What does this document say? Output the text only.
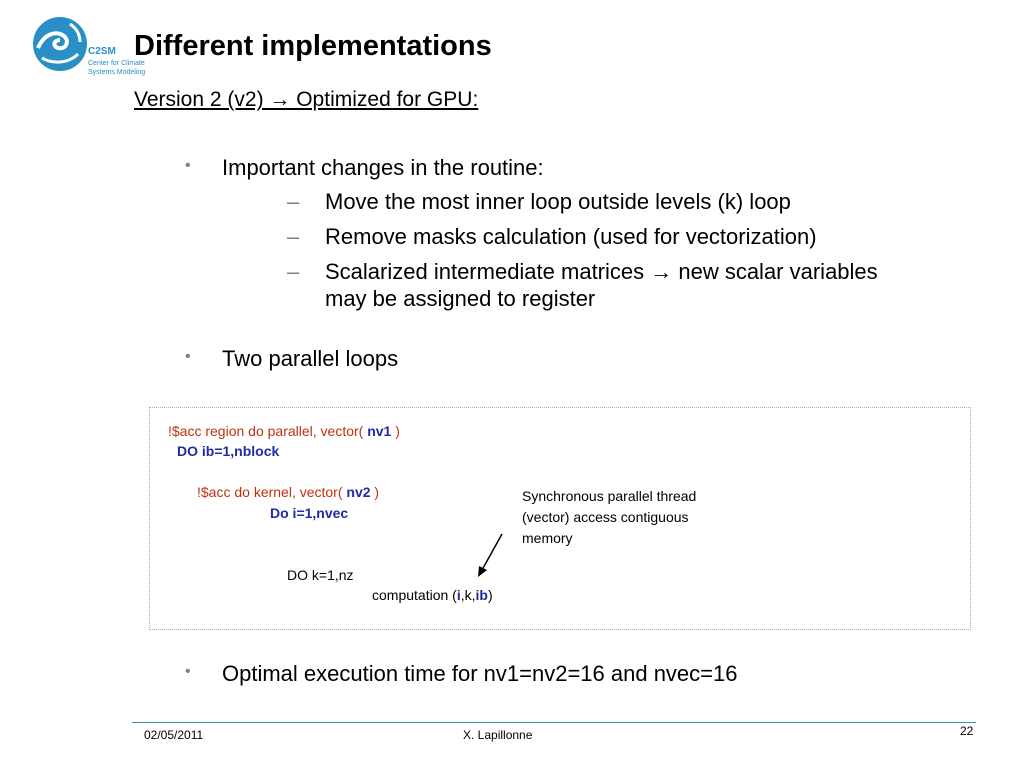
C2SM
Center for Climate
Systems Modeling
Different implementations
Version 2 (v2) → Optimized for GPU:
• Important changes in the routine:
– Move the most inner loop outside levels (k) loop
– Remove masks calculation (used for vectorization)
– Scalarized intermediate matrices → new scalar variables
may be assigned to register
• Two parallel loops
!$acc region do parallel, vector( nv1 )
DO ib=1,nblock
!$acc do kernel, vector( nv2 )
Do i=1,nvec
DO k=1,nz
computation (i,k,ib)
Synchronous parallel thread
(vector) access contiguous
memory
• Optimal execution time for nv1=nv2=16 and nvec=16
02/05/2011	X. Lapillonne	22
